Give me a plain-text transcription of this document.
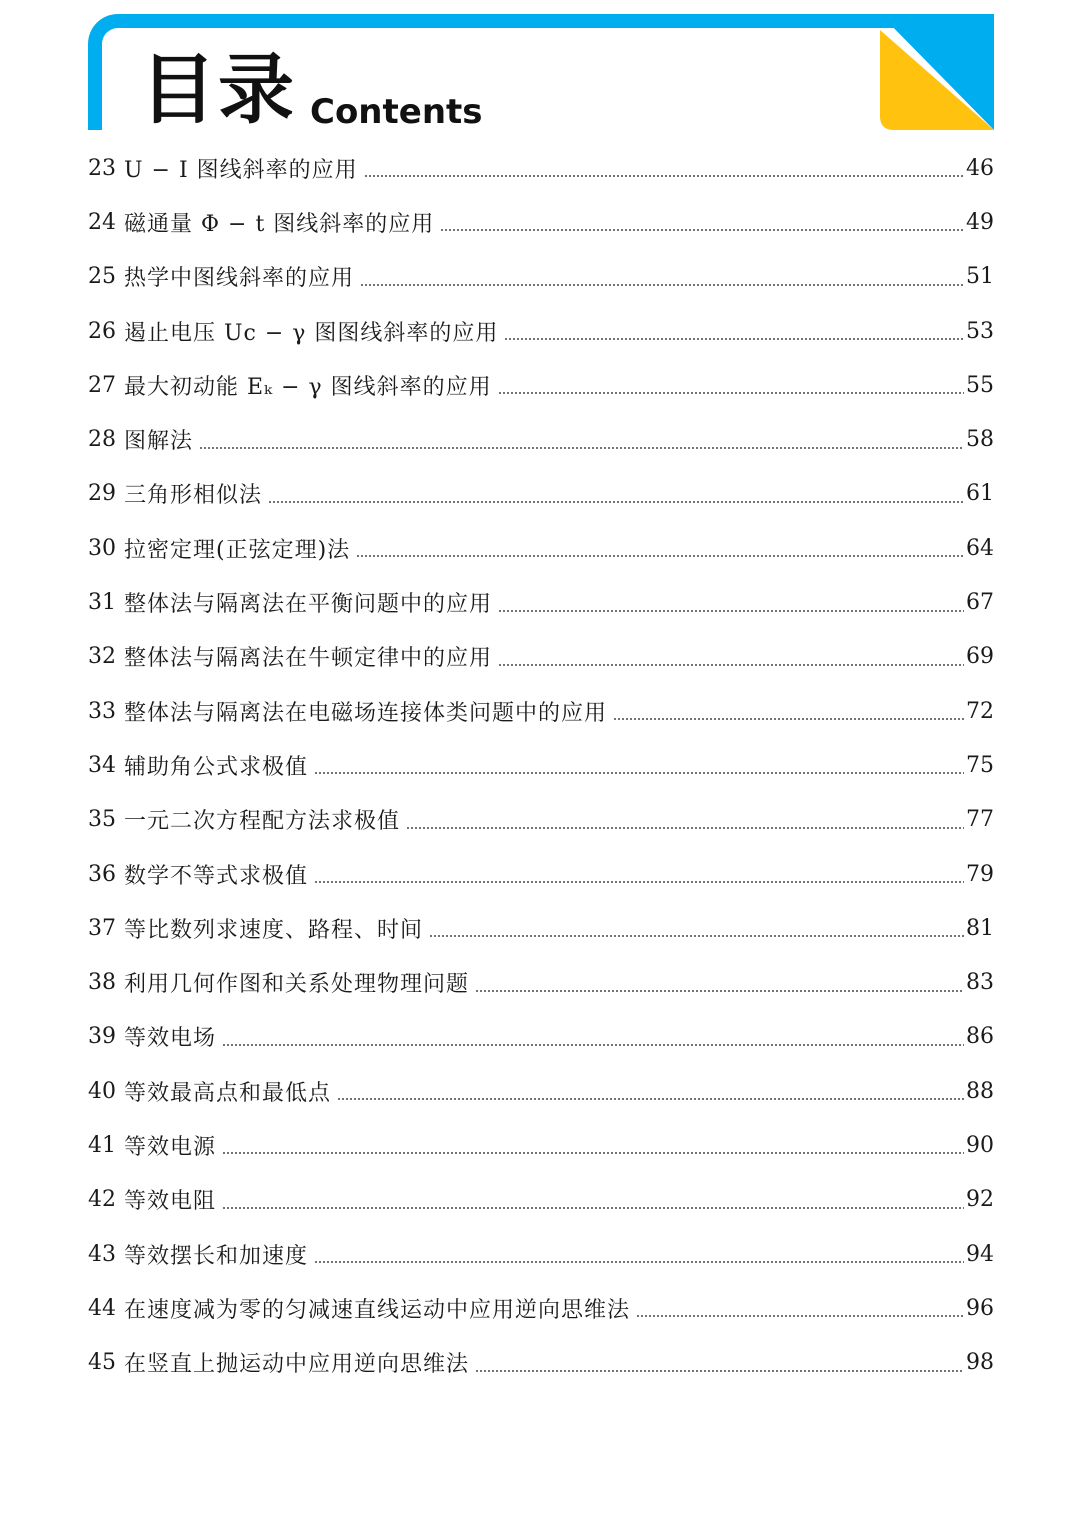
目录 Contents
23 U − I 图线斜率的应用	46
24 磁通量 Φ − t 图线斜率的应用	49
25 热学中图线斜率的应用	51
26 遏止电压 Uc − γ 图图线斜率的应用	53
27 最大初动能 Eₖ − γ 图线斜率的应用	55
28 图解法	58
29 三角形相似法	61
30 拉密定理(正弦定理)法	64
31 整体法与隔离法在平衡问题中的应用	67
32 整体法与隔离法在牛顿定律中的应用	69
33 整体法与隔离法在电磁场连接体类问题中的应用	72
34 辅助角公式求极值	75
35 一元二次方程配方法求极值	77
36 数学不等式求极值	79
37 等比数列求速度、路程、时间	81
38 利用几何作图和关系处理物理问题	83
39 等效电场	86
40 等效最高点和最低点	88
41 等效电源	90
42 等效电阻	92
43 等效摆长和加速度	94
44 在速度减为零的匀减速直线运动中应用逆向思维法	96
45 在竖直上抛运动中应用逆向思维法	98
